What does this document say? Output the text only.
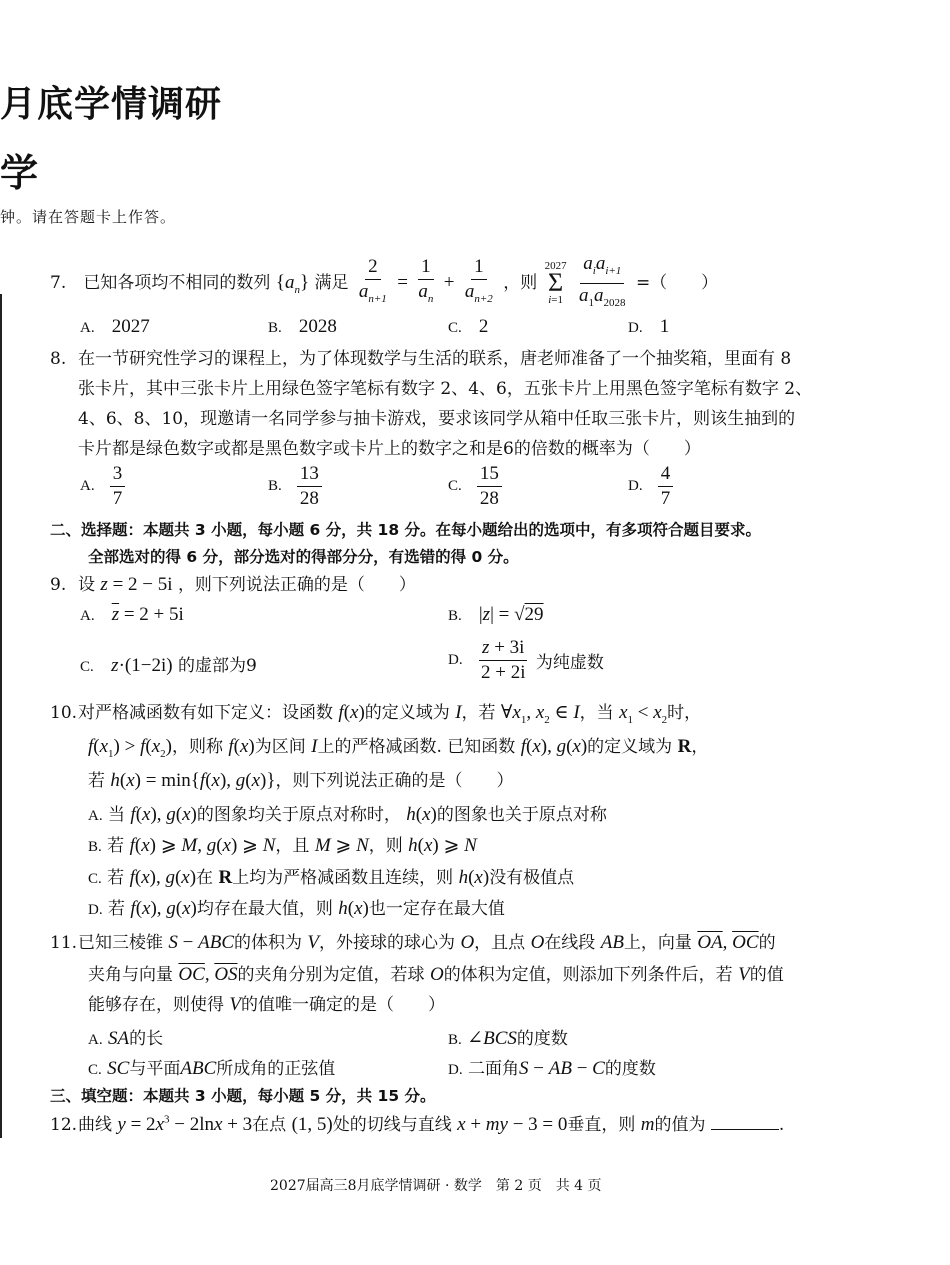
月底学情调研
学
钟。请在答题卡上作答。
7. 已知各项均不相同的数列 $\{a_n\}$ 满足 $\frac{2}{a_{n+1}} = \frac{1}{a_n} + \frac{1}{a_{n+2}}$ ，则
2027
Σ
i=1
$\frac{a_ia_{i+1}}{a_1a_{2028}}$ =（　　）
A. 2027	B. 2028	C. 2	D. 1
8. 在一节研究性学习的课程上，为了体现数学与生活的联系，唐老师准备了一个抽奖箱，里面有 8
张卡片，其中三张卡片上用绿色签字笔标有数字 2、4、6，五张卡片上用黑色签字笔标有数字 2、
4、6、8、10，现邀请一名同学参与抽卡游戏，要求该同学从箱中任取三张卡片，则该生抽到的
卡片都是绿色数字或都是黑色数字或卡片上的数字之和是6的倍数的概率为（　　）
A. $\frac{3}{7}$	B. $\frac{13}{28}$	C. $\frac{15}{28}$	D. $\frac{4}{7}$
二、选择题：本题共 3 小题，每小题 6 分，共 18 分。在每小题给出的选项中，有多项符合题目要求。
全部选对的得 6 分，部分选对的得部分分，有选错的得 0 分。
9. 设 z = 2 − 5i ，则下列说法正确的是（　　）
A. $\overline{z} = 2 + 5i$	B. |z| = √29
C. z·(1−2i) 的虚部为9	D. $\frac{z + 3i}{2 + 2i}$ 为纯虚数
10.对严格减函数有如下定义：设函数 f(x)的定义域为 I，若 $\forall x_1$, $x_2$ ∈ I，当 $x_1 < x_2$时，
$f(x_1) > f(x_2)$，则称 f(x)为区间 I上的严格减函数. 已知函数 f(x), g(x)的定义域为 R，
若 h(x) = min{f(x), g(x)}，则下列说法正确的是（　　）
A. 当 f(x), g(x)的图象均关于原点对称时， h(x)的图象也关于原点对称
B. 若 f(x) ⩾ M, g(x) ⩾ N，且 M ⩾ N，则 h(x) ⩾ N
C. 若 f(x), g(x)在 R上均为严格减函数且连续，则 h(x)没有极值点
D. 若 f(x), g(x)均存在最大值，则 h(x)也一定存在最大值
11.已知三棱锥 S − ABC的体积为 V，外接球的球心为 O，且点 O在线段 AB上，向量 $\overline{OA}$, $\overline{OC}$的
夹角与向量 $\overline{OC}$, $\overline{OS}$的夹角分别为定值，若球 O的体积为定值，则添加下列条件后，若 V的值
能够存在，则使得 V的值唯一确定的是（　　）
A. SA的长	B. ∠BCS的度数
C. SC与平面ABC所成角的正弦值	D. 二面角S − AB − C的度数
三、填空题：本题共 3 小题，每小题 5 分，共 15 分。
12.曲线 $y = 2x^3 - 2\ln x + 3$在点 (1, 5)处的切线与直线 x + my − 3 = 0垂直，则 m的值为	.
2027届高三8月底学情调研 · 数学　第 2 页　共 4 页
